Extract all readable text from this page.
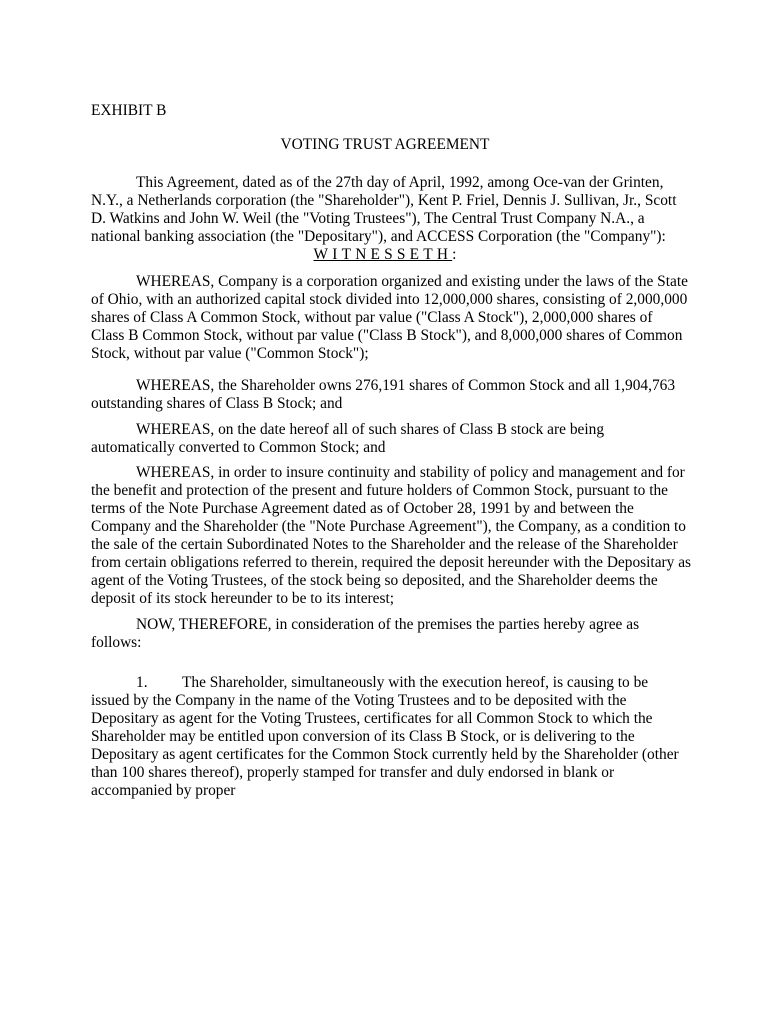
EXHIBIT B
VOTING TRUST AGREEMENT

This Agreement, dated as of the 27th day of April, 1992, among Oce-van der Grinten,
N.Y., a Netherlands corporation (the "Shareholder"), Kent P. Friel, Dennis J. Sullivan, Jr., Scott
D. Watkins and John W. Weil (the "Voting Trustees"), The Central Trust Company N.A., a
national banking association (the "Depositary"), and ACCESS Corporation (the "Company"):

WITNESSETH:

WHEREAS, Company is a corporation organized and existing under the laws of the State
of Ohio, with an authorized capital stock divided into 12,000,000 shares, consisting of 2,000,000
shares of Class A Common Stock, without par value ("Class A Stock"), 2,000,000 shares of
Class B Common Stock, without par value ("Class B Stock"), and 8,000,000 shares of Common
Stock, without par value ("Common Stock");

WHEREAS, the Shareholder owns 276,191 shares of Common Stock and all 1,904,763
outstanding shares of Class B Stock; and

WHEREAS, on the date hereof all of such shares of Class B stock are being
automatically converted to Common Stock; and

WHEREAS, in order to insure continuity and stability of policy and management and for
the benefit and protection of the present and future holders of Common Stock, pursuant to the
terms of the Note Purchase Agreement dated as of October 28, 1991 by and between the
Company and the Shareholder (the "Note Purchase Agreement"), the Company, as a condition to
the sale of the certain Subordinated Notes to the Shareholder and the release of the Shareholder
from certain obligations referred to therein, required the deposit hereunder with the Depositary as
agent of the Voting Trustees, of the stock being so deposited, and the Shareholder deems the
deposit of its stock hereunder to be to its interest;

NOW, THEREFORE, in consideration of the premises the parties hereby agree as
follows:

1. The Shareholder, simultaneously with the execution hereof, is causing to be
issued by the Company in the name of the Voting Trustees and to be deposited with the
Depositary as agent for the Voting Trustees, certificates for all Common Stock to which the
Shareholder may be entitled upon conversion of its Class B Stock, or is delivering to the
Depositary as agent certificates for the Common Stock currently held by the Shareholder (other
than 100 shares thereof), properly stamped for transfer and duly endorsed in blank or
accompanied by proper
